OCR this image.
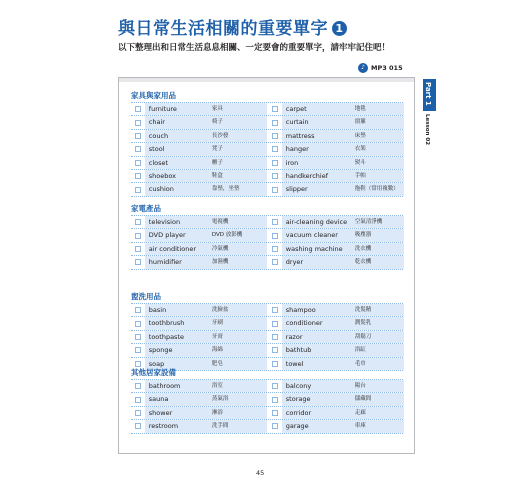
與日常生活相關的重要單字 1
以下整理出和日常生活息息相關、一定要會的重要單字，請牢牢記住吧！
♪ MP3 015
Part 1
Lesson 02
家具與家用品
furniture	家具	carpet	地毯
chair	椅子	curtain	窗簾
couch	長沙發	mattress	床墊
stool	凳子	hanger	衣架
closet	櫃子	iron	熨斗
shoebox	鞋盒	handkerchief	手帕
cushion	靠墊，坐墊	slipper	拖鞋（常用複數）
家電產品
television	電視機	air-cleaning device	空氣清淨機
DVD player	DVD 放影機	vacuum cleaner	吸塵器
air conditioner	冷氣機	washing machine	洗衣機
humidifier	加濕機	dryer	乾衣機
盥洗用品
basin	洗臉盆	shampoo	洗髮精
toothbrush	牙刷	conditioner	潤髮乳
toothpaste	牙膏	razor	刮鬍刀
sponge	海綿	bathtub	浴缸
soap	肥皂	towel	毛巾
其他居家設備
bathroom	浴室	balcony	陽台
sauna	蒸氣浴	storage	儲藏間
shower	淋浴	corridor	走廊
restroom	洗手間	garage	車庫
45
